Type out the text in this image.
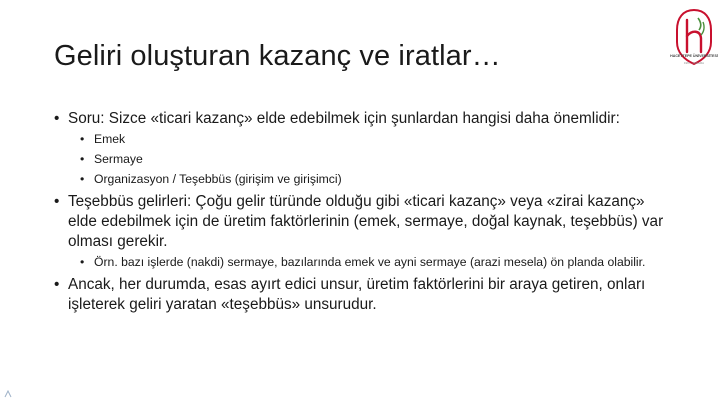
Geliri oluşturan kazanç ve iratlar…	HACETTEPE ÜNİVERSİTESİ
1967 · ANKARA
• Soru: Sizce «ticari kazanç» elde edebilmek için şunlardan hangisi daha önemlidir:
• Emek
• Sermaye
• Organizasyon / Teşebbüs (girişim ve girişimci)
• Teşebbüs gelirleri: Çoğu gelir türünde olduğu gibi «ticari kazanç» veya «zirai kazanç» elde edebilmek için de üretim faktörlerinin (emek, sermaye, doğal kaynak, teşebbüs) var olması gerekir.
• Örn. bazı işlerde (nakdi) sermaye, bazılarında emek ve ayni sermaye (arazi mesela) ön planda olabilir.
• Ancak, her durumda, esas ayırt edici unsur, üretim faktörlerini bir araya getiren, onları işleterek geliri yaratan «teşebbüs» unsurudur.
